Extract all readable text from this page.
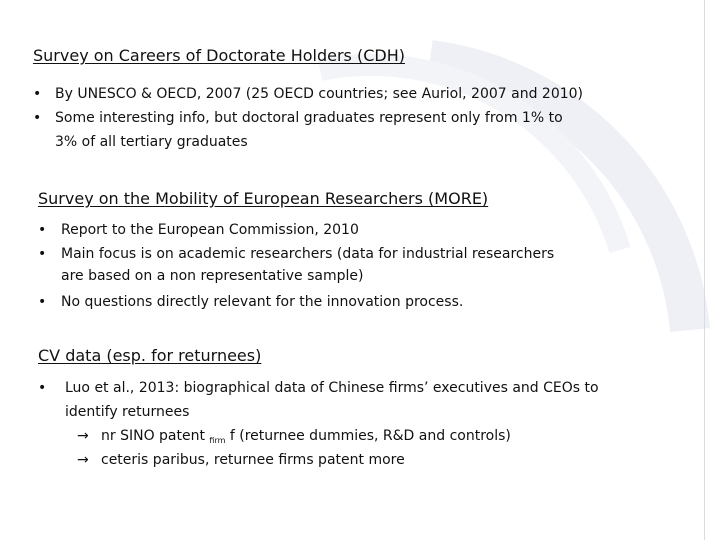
Survey on Careers of Doctorate Holders (CDH)
• By UNESCO & OECD, 2007 (25 OECD countries; see Auriol, 2007 and 2010)
• Some interesting info, but doctoral graduates represent only from 1% to
3% of all tertiary graduates
Survey on the Mobility of European Researchers (MORE)
• Report to the European Commission, 2010
• Main focus is on academic researchers (data for industrial researchers
are based on a non representative sample)
• No questions directly relevant for the innovation process.
CV data (esp. for returnees)
• Luo et al., 2013: biographical data of Chinese firms’ executives and CEOs to
identify returnees
→ nr SINO patent $_{firm}$ f (returnee dummies, R&D and controls)
→ ceteris paribus, returnee firms patent more
